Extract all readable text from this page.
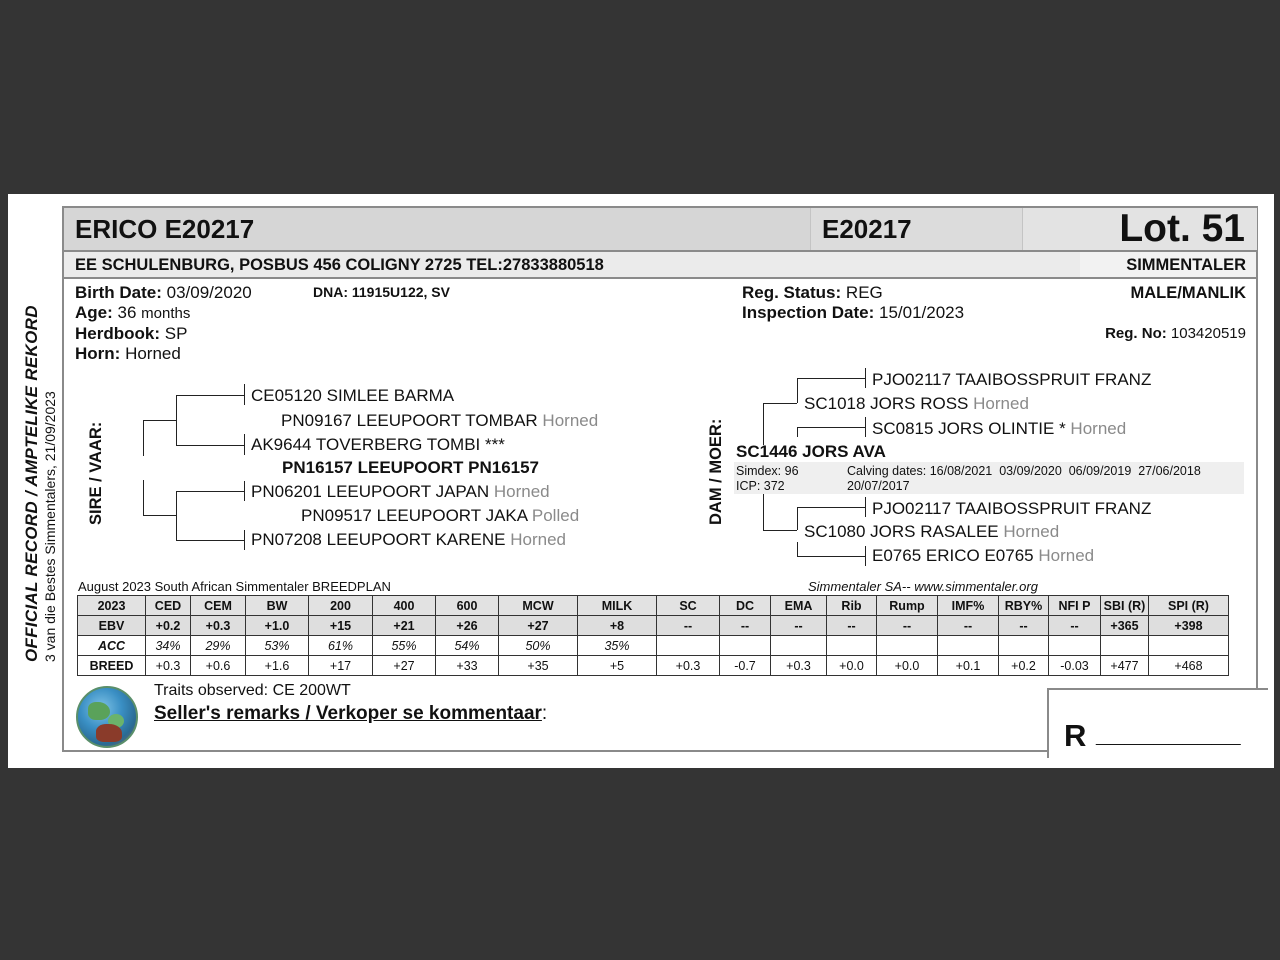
OFFICIAL RECORD / AMPTELIKE REKORD 3 van die Bestes Simmentalers, 21/09/2023
ERICO E20217	E20217	Lot. 51
EE SCHULENBURG, POSBUS 456 COLIGNY 2725 TEL:27833880518	SIMMENTALER
Birth Date: 03/09/2020	DNA: 11915U122, SV
Age: 36 months
Herdbook: SP
Horn: Horned
Reg. Status: REG
Inspection Date: 15/01/2023
MALE/MANLIK
Reg. No: 103420519
SIRE / VAAR:
CE05120 SIMLEE BARMA
PN09167 LEEUPOORT TOMBAR Horned
AK9644 TOVERBERG TOMBI ***
PN16157 LEEUPOORT PN16157
PN06201 LEEUPOORT JAPAN Horned
PN09517 LEEUPOORT JAKA Polled
PN07208 LEEUPOORT KARENE Horned
DAM / MOER:
PJO02117 TAAIBOSSPRUIT FRANZ
SC1018 JORS ROSS Horned
SC0815 JORS OLINTIE * Horned
SC1446 JORS AVA
Simdex: 96
ICP: 372
Calving dates: 16/08/2021  03/09/2020  06/09/2019  27/06/2018
20/07/2017
PJO02117 TAAIBOSSPRUIT FRANZ
SC1080 JORS RASALEE Horned
E0765 ERICO E0765 Horned
August 2023 South African Simmentaler BREEDPLAN	Simmentaler SA-- www.simmentaler.org
2023	CED	CEM	BW	200	400	600	MCW	MILK	SC	DC	EMA	Rib	Rump	IMF%	RBY%	NFI P	SBI (R)	SPI (R)
EBV	+0.2	+0.3	+1.0	+15	+21	+26	+27	+8	--	--	--	--	--	--	--	--	+365	+398
ACC	34%	29%	53%	61%	55%	54%	50%	35%										
BREED	+0.3	+0.6	+1.6	+17	+27	+33	+35	+5	+0.3	-0.7	+0.3	+0.0	+0.0	+0.1	+0.2	-0.03	+477	+468
Traits observed: CE 200WT
Seller's remarks / Verkoper se kommentaar:
R __________
